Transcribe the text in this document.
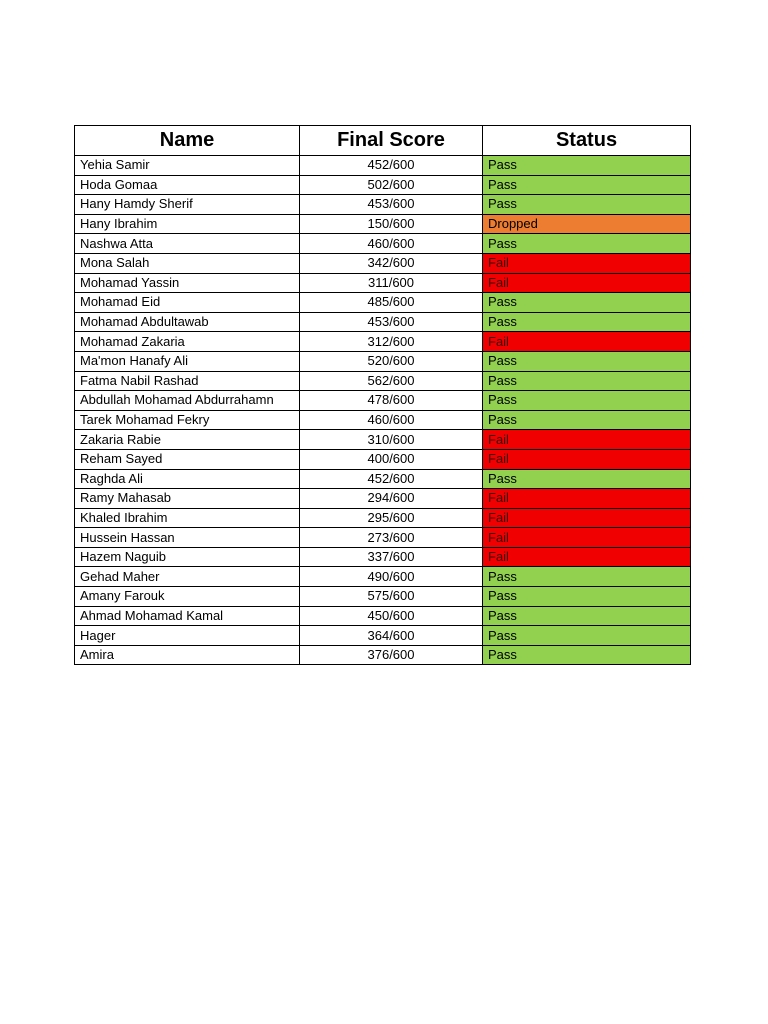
Name	Final Score	Status
Yehia Samir	452/600	Pass
Hoda Gomaa	502/600	Pass
Hany Hamdy Sherif	453/600	Pass
Hany Ibrahim	150/600	Dropped
Nashwa Atta	460/600	Pass
Mona Salah	342/600	Fail
Mohamad Yassin	311/600	Fail
Mohamad Eid	485/600	Pass
Mohamad Abdultawab	453/600	Pass
Mohamad Zakaria	312/600	Fail
Ma'mon Hanafy Ali	520/600	Pass
Fatma Nabil Rashad	562/600	Pass
Abdullah Mohamad Abdurrahamn	478/600	Pass
Tarek Mohamad Fekry	460/600	Pass
Zakaria Rabie	310/600	Fail
Reham Sayed	400/600	Fail
Raghda Ali	452/600	Pass
Ramy Mahasab	294/600	Fail
Khaled Ibrahim	295/600	Fail
Hussein Hassan	273/600	Fail
Hazem Naguib	337/600	Fail
Gehad Maher	490/600	Pass
Amany Farouk	575/600	Pass
Ahmad Mohamad Kamal	450/600	Pass
Hager	364/600	Pass
Amira	376/600	Pass
